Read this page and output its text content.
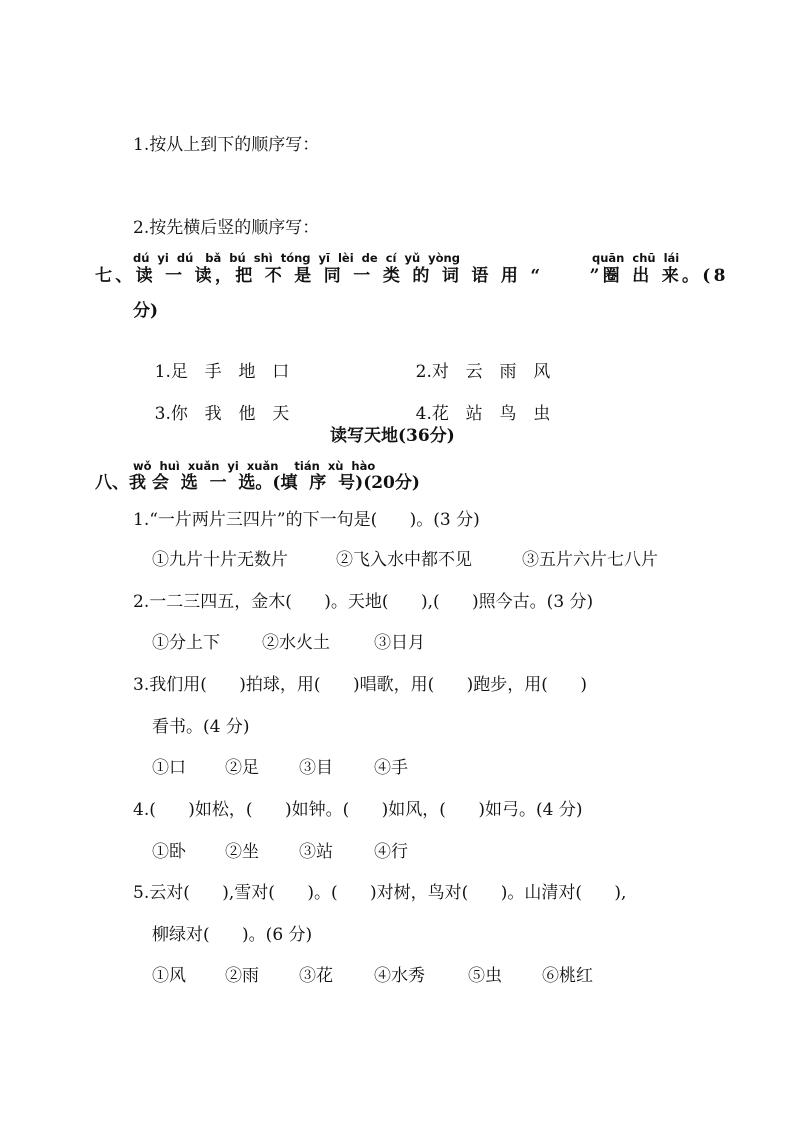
1.按从上到下的顺序写：
2.按先横后竖的顺序写：
dú  yi  dú   bǎ  bú  shì  tóng  yī  lèi  de  cí  yǔ  yòng	quān  chū  lái
七、读 一 读，把 不 是 同 一 类 的 词 语 用 “     ”圈 出 来。(8
分)

1.足  手  地  口
	2.对  云  雨  风

3.你  我  他  天
	4.花  站  鸟  虫

读写天地(36分)
wǒ  huì  xuǎn  yi  xuǎn    tián  xù  hào
八、我 会  选  一  选。(填  序  号)(20分)
1.“一片两片三四片”的下一句是(      )。(3 分)

①九片十片无数片

	②飞入水中都不见

	③五片六片七八片

2.一二三四五，金木(      )。天地(      ),(      )照今古。(3 分)

①分上下

②水火土

	③日月

3.我们用(      )拍球，用(      )唱歌，用(      )跑步，用(      )
看书。(4 分)

①口

②足

③目

④手

4.(      )如松，(      )如钟。(      )如风，(      )如弓。(4 分)

①卧

②坐

③站

④行

5.云对(      ),雪对(      )。(      )对树，鸟对(      )。山清对(      ),
柳绿对(      )。(6 分)

①风

②雨

③花

④水秀

	⑤虫

⑥桃红
